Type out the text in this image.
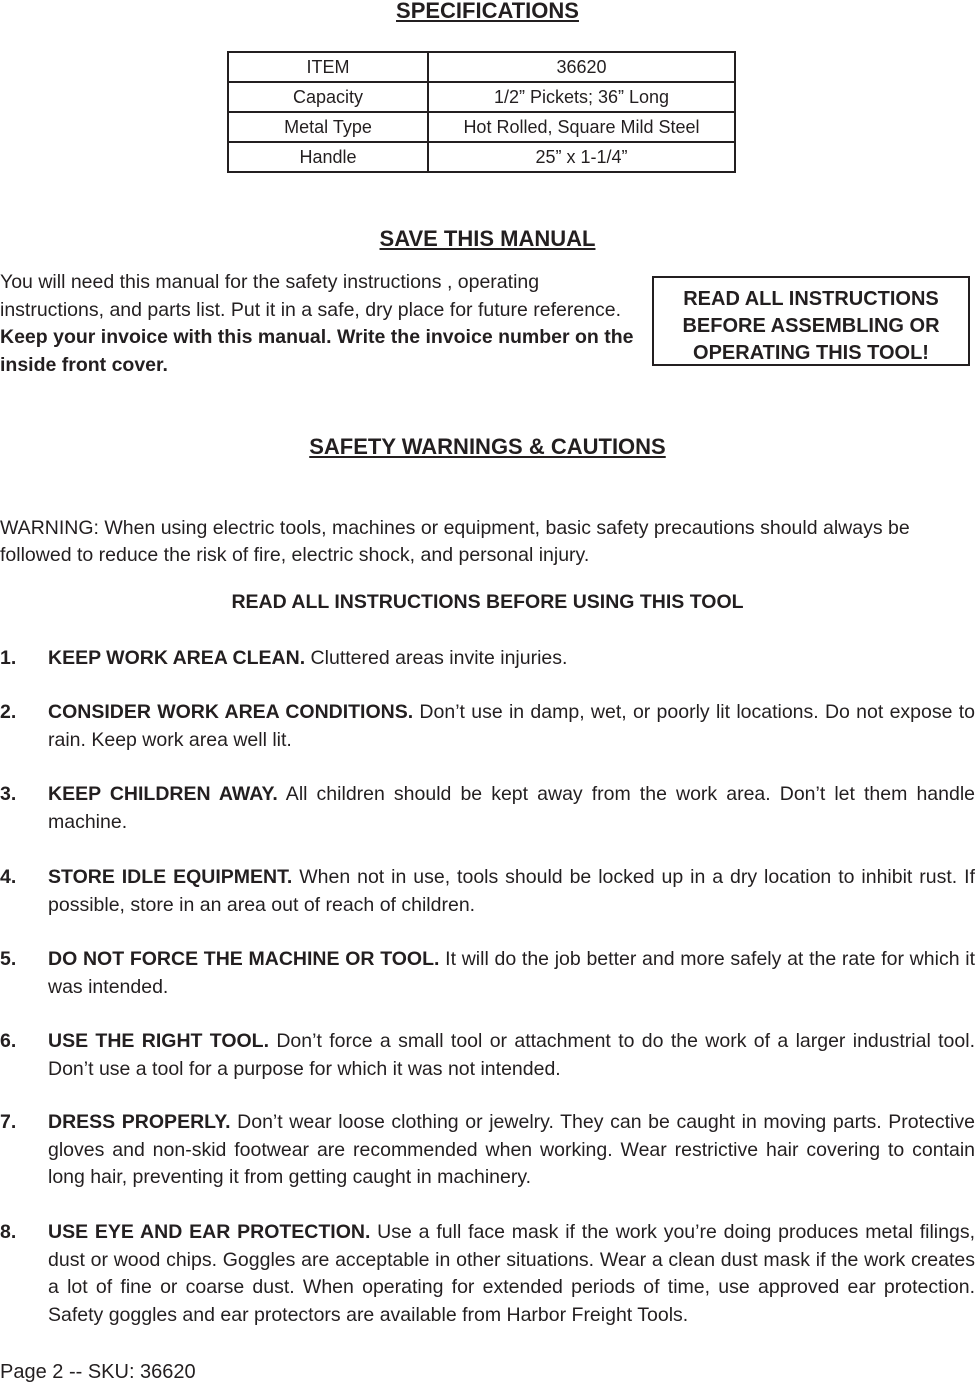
SPECIFICATIONS
ITEM	36620
Capacity	1/2” Pickets; 36” Long
Metal Type	Hot Rolled, Square Mild Steel
Handle	25” x 1-1/4”
SAVE THIS MANUAL

You will need this manual for the safety instructions , operating instructions, and parts list. Put it in a safe, dry place for future reference. Keep your invoice with this manual. Write the invoice number on the inside front cover.

READ ALL INSTRUCTIONS
BEFORE ASSEMBLING OR
OPERATING THIS TOOL!
SAFETY WARNINGS & CAUTIONS

WARNING: When using electric tools, machines or equipment, basic safety precautions should always be followed to reduce the risk of fire, electric shock, and personal injury.

READ ALL INSTRUCTIONS BEFORE USING THIS TOOL

1. KEEP WORK AREA CLEAN. Cluttered areas invite injuries.
2. CONSIDER WORK AREA CONDITIONS. Don’t use in damp, wet, or poorly lit locations. Do not expose to rain. Keep work area well lit.
3. KEEP CHILDREN AWAY. All children should be kept away from the work area. Don’t let them handle machine.
4. STORE IDLE EQUIPMENT. When not in use, tools should be locked up in a dry location to inhibit rust. If possible, store in an area out of reach of children.
5. DO NOT FORCE THE MACHINE OR TOOL. It will do the job better and more safely at the rate for which it was intended.
6. USE THE RIGHT TOOL. Don’t force a small tool or attachment to do the work of a larger industrial tool. Don’t use a tool for a purpose for which it was not intended.
7. DRESS PROPERLY. Don’t wear loose clothing or jewelry. They can be caught in moving parts. Protective gloves and non-skid footwear are recommended when working. Wear restrictive hair covering to contain long hair, preventing it from getting caught in machinery.
8. USE EYE AND EAR PROTECTION. Use a full face mask if the work you’re doing produces metal filings, dust or wood chips. Goggles are acceptable in other situations. Wear a clean dust mask if the work creates a lot of fine or coarse dust. When operating for extended periods of time, use approved ear protection. Safety goggles and ear protectors are available from Harbor Freight Tools.

Page 2 -- SKU: 36620
